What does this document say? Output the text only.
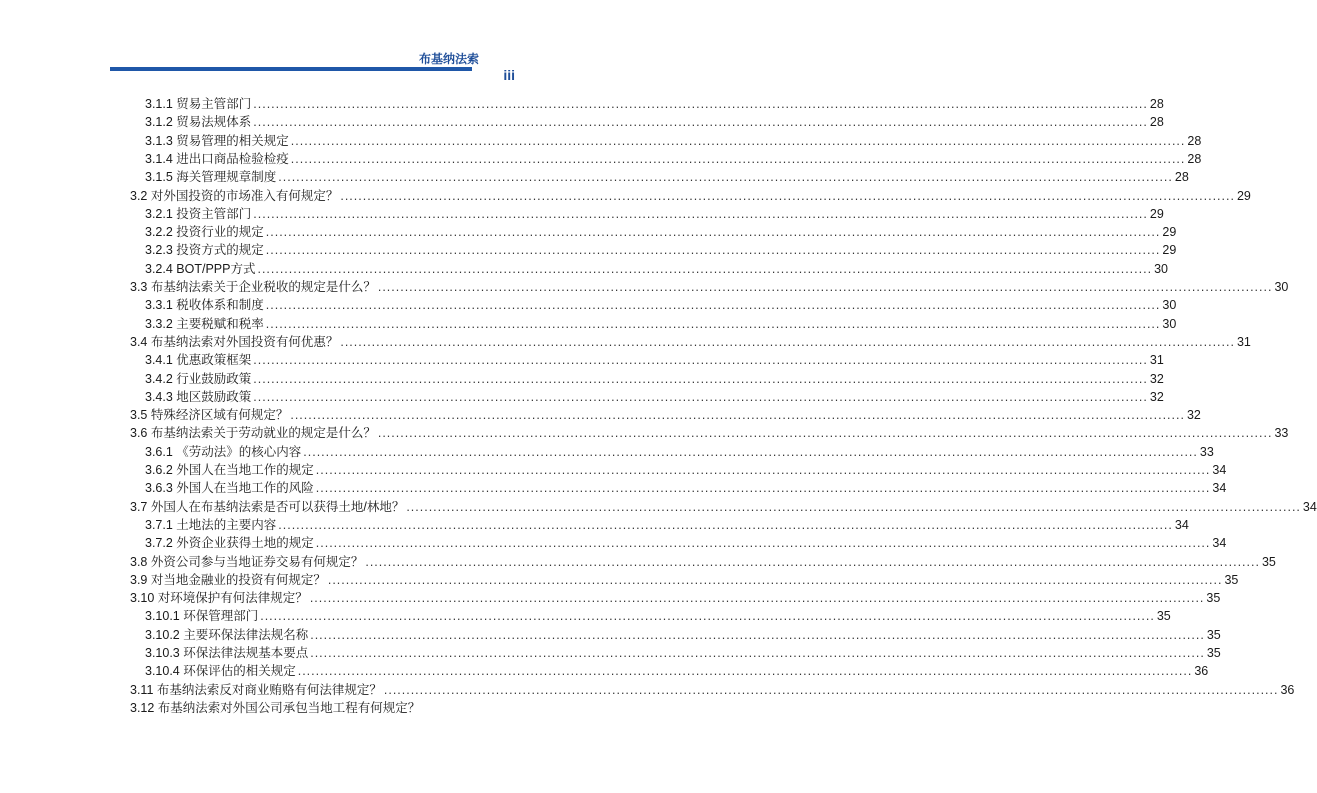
布基纳法索
iii
3.1.1 贸易主管部门 ........................................................................................................................................................................................................ 28
3.1.2 贸易法规体系 ........................................................................................................................................................................................................ 28
3.1.3 贸易管理的相关规定 ........................................................................................................................................................................................................ 28
3.1.4 进出口商品检验检疫 ........................................................................................................................................................................................................ 28
3.1.5 海关管理规章制度 ........................................................................................................................................................................................................ 28
3.2 对外国投资的市场准入有何规定？ ........................................................................................................................................................................................................ 29
3.2.1 投资主管部门 ........................................................................................................................................................................................................ 29
3.2.2 投资行业的规定 ........................................................................................................................................................................................................ 29
3.2.3 投资方式的规定 ........................................................................................................................................................................................................ 29
3.2.4 BOT/PPP方式 ........................................................................................................................................................................................................ 30
3.3 布基纳法索关于企业税收的规定是什么？ ........................................................................................................................................................................................................ 30
3.3.1 税收体系和制度 ........................................................................................................................................................................................................ 30
3.3.2 主要税赋和税率 ........................................................................................................................................................................................................ 30
3.4 布基纳法索对外国投资有何优惠？ ........................................................................................................................................................................................................ 31
3.4.1 优惠政策框架 ........................................................................................................................................................................................................ 31
3.4.2 行业鼓励政策 ........................................................................................................................................................................................................ 32
3.4.3 地区鼓励政策 ........................................................................................................................................................................................................ 32
3.5 特殊经济区域有何规定？ ........................................................................................................................................................................................................ 32
3.6 布基纳法索关于劳动就业的规定是什么？ ........................................................................................................................................................................................................ 33
3.6.1 《劳动法》的核心内容 ........................................................................................................................................................................................................ 33
3.6.2 外国人在当地工作的规定 ........................................................................................................................................................................................................ 34
3.6.3 外国人在当地工作的风险 ........................................................................................................................................................................................................ 34
3.7 外国人在布基纳法索是否可以获得土地/林地？ ........................................................................................................................................................................................................ 34
3.7.1 土地法的主要内容 ........................................................................................................................................................................................................ 34
3.7.2 外资企业获得土地的规定 ........................................................................................................................................................................................................ 34
3.8 外资公司参与当地证券交易有何规定？ ........................................................................................................................................................................................................ 35
3.9 对当地金融业的投资有何规定？ ........................................................................................................................................................................................................ 35
3.10 对环境保护有何法律规定？ ........................................................................................................................................................................................................ 35
3.10.1 环保管理部门 ........................................................................................................................................................................................................ 35
3.10.2 主要环保法律法规名称 ........................................................................................................................................................................................................ 35
3.10.3 环保法律法规基本要点 ........................................................................................................................................................................................................ 35
3.10.4 环保评估的相关规定 ........................................................................................................................................................................................................ 36
3.11 布基纳法索反对商业贿赂有何法律规定？ ........................................................................................................................................................................................................ 36
3.12 布基纳法索对外国公司承包当地工程有何规定？
